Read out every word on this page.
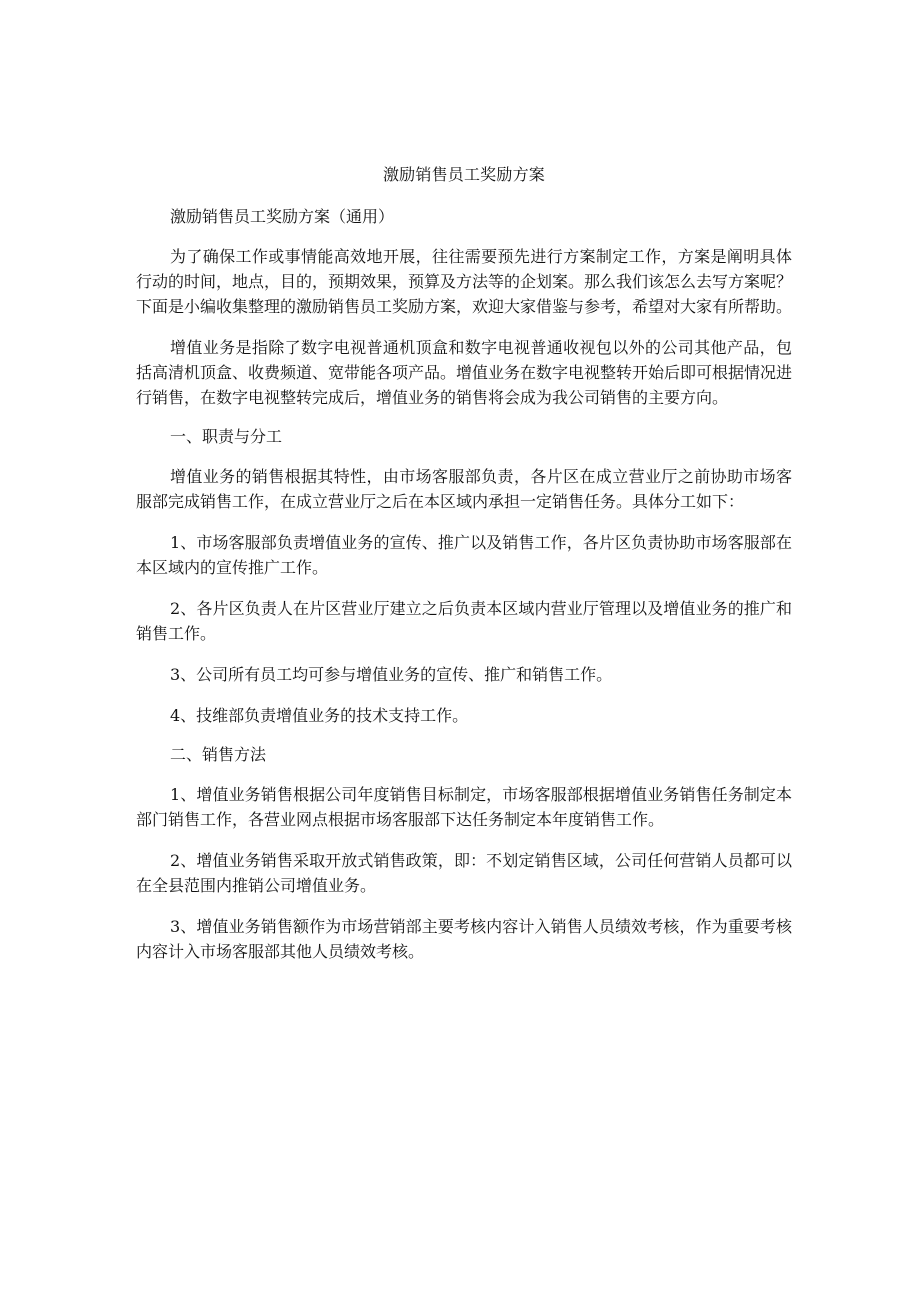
激励销售员工奖励方案
激励销售员工奖励方案（通用）

为了确保工作或事情能高效地开展，往往需要预先进行方案制定工作，方案是阐明具体行动的时间，地点，目的，预期效果，预算及方法等的企划案。那么我们该怎么去写方案呢？下面是小编收集整理的激励销售员工奖励方案，欢迎大家借鉴与参考，希望对大家有所帮助。

增值业务是指除了数字电视普通机顶盒和数字电视普通收视包以外的公司其他产品，包括高清机顶盒、收费频道、宽带能各项产品。增值业务在数字电视整转开始后即可根据情况进行销售，在数字电视整转完成后，增值业务的销售将会成为我公司销售的主要方向。

一、职责与分工

增值业务的销售根据其特性，由市场客服部负责，各片区在成立营业厅之前协助市场客服部完成销售工作，在成立营业厅之后在本区域内承担一定销售任务。具体分工如下：

1、市场客服部负责增值业务的宣传、推广以及销售工作，各片区负责协助市场客服部在本区域内的宣传推广工作。

2、各片区负责人在片区营业厅建立之后负责本区域内营业厅管理以及增值业务的推广和销售工作。

3、公司所有员工均可参与增值业务的宣传、推广和销售工作。

4、技维部负责增值业务的技术支持工作。

二、销售方法

1、增值业务销售根据公司年度销售目标制定，市场客服部根据增值业务销售任务制定本部门销售工作，各营业网点根据市场客服部下达任务制定本年度销售工作。

2、增值业务销售采取开放式销售政策，即：不划定销售区域，公司任何营销人员都可以在全县范围内推销公司增值业务。

3、增值业务销售额作为市场营销部主要考核内容计入销售人员绩效考核，作为重要考核内容计入市场客服部其他人员绩效考核。
